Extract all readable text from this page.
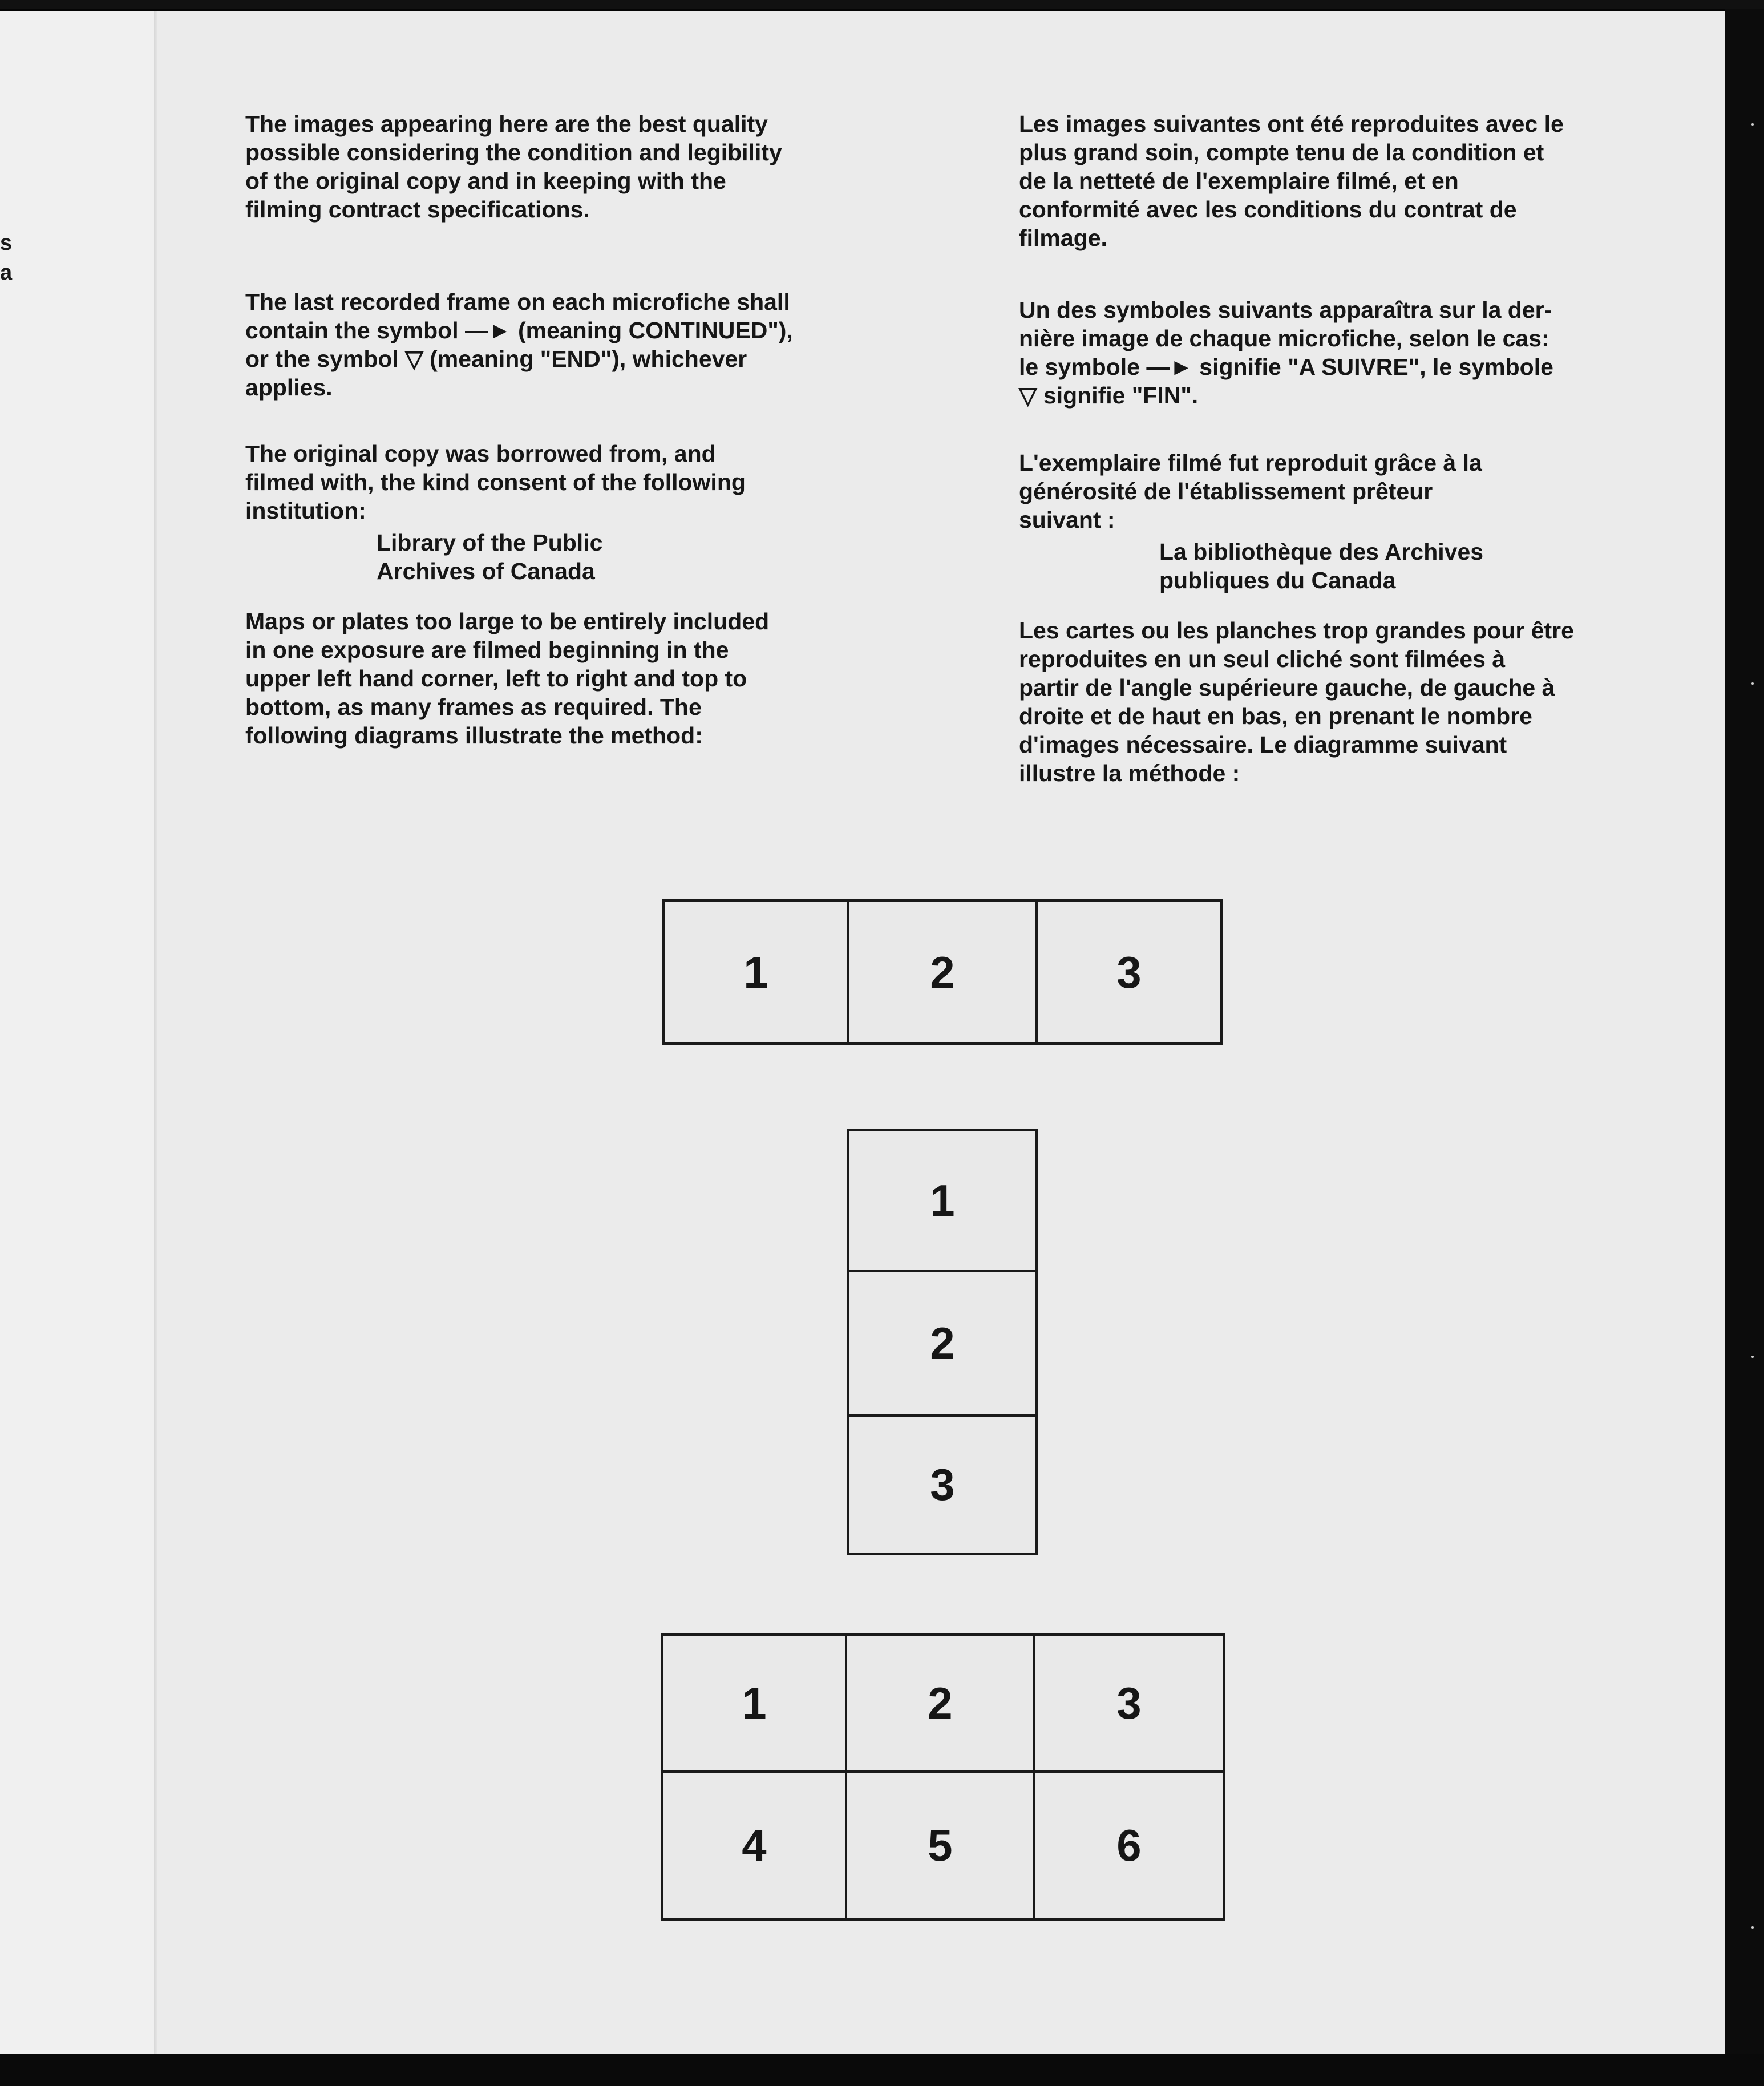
s
a

The images appearing here are the best quality
possible considering the condition and legibility
of the original copy and in keeping with the
filming contract specifications.

The last recorded frame on each microfiche shall
contain the symbol —► (meaning CONTINUED"),
or the symbol ▽ (meaning "END"), whichever
applies.

The original copy was borrowed from, and
filmed with, the kind consent of the following
institution:

Library of the Public
Archives of Canada

Maps or plates too large to be entirely included
in one exposure are filmed beginning in the
upper left hand corner, left to right and top to
bottom, as many frames as required. The
following diagrams illustrate the method:

Les images suivantes ont été reproduites avec le
plus grand soin, compte tenu de la condition et
de la netteté de l'exemplaire filmé, et en
conformité avec les conditions du contrat de
filmage.

Un des symboles suivants apparaîtra sur la der-
nière image de chaque microfiche, selon le cas:
le symbole —► signifie "A SUIVRE", le symbole
▽ signifie "FIN".

L'exemplaire filmé fut reproduit grâce à la
générosité de l'établissement prêteur
suivant :

La bibliothèque des Archives
publiques du Canada

Les cartes ou les planches trop grandes pour être
reproduites en un seul cliché sont filmées à
partir de l'angle supérieure gauche, de gauche à
droite et de haut en bas, en prenant le nombre
d'images nécessaire. Le diagramme suivant
illustre la méthode :

1	2	3
1
2
3
1	2	3
4	5	6
